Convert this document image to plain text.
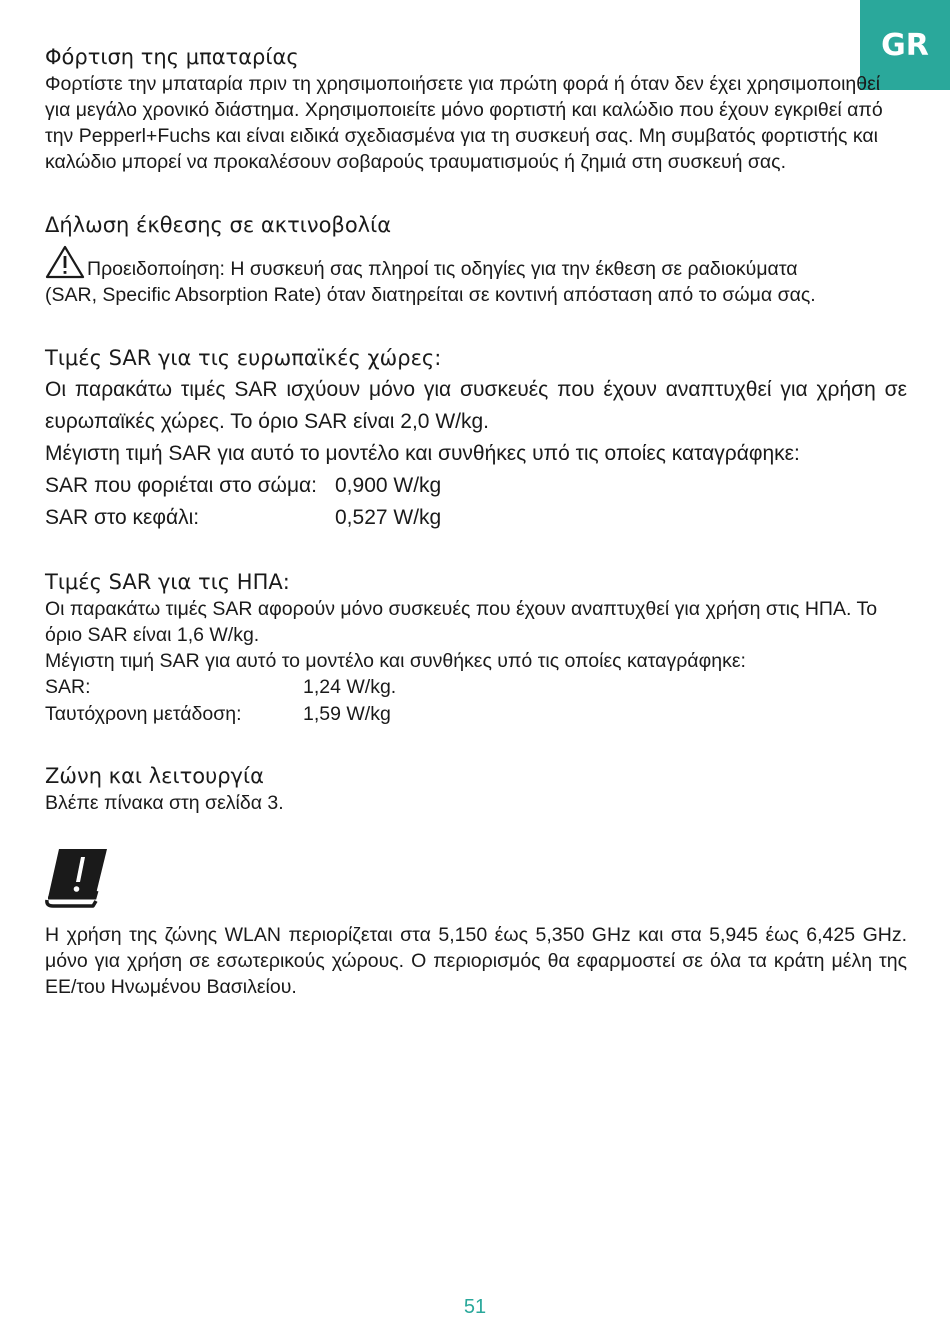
GR
Φόρτιση της μπαταρίας

Φορτίστε την μπαταρία πριν τη χρησιμοποιήσετε για πρώτη φορά ή όταν δεν έχει χρησιμοποιηθεί για μεγάλο χρονικό διάστημα. Χρησιμοποιείτε μόνο φορτιστή και καλώδιο που έχουν εγκριθεί από την Pepperl+Fuchs και είναι ειδικά σχεδιασμένα για τη συσκευή σας. Μη συμβατός φορτιστής και καλώδιο μπορεί να προκαλέσουν σοβαρούς τραυματισμούς ή ζημιά στη συσκευή σας.

Δήλωση έκθεσης σε ακτινοβολία

Προειδοποίηση: Η συσκευή σας πληροί τις οδηγίες για την έκθεση σε ραδιοκύματα (SAR, Specific Absorption Rate) όταν διατηρείται σε κοντινή απόσταση από το σώμα σας.

Τιμές SAR για τις ευρωπαϊκές χώρες:

Οι παρακάτω τιμές SAR ισχύουν μόνο για συσκευές που έχουν αναπτυχθεί για χρήση σε ευρωπαϊκές χώρες. Το όριο SAR είναι 2,0 W/kg.

Μέγιστη τιμή SAR για αυτό το μοντέλο και συνθήκες υπό τις οποίες καταγράφηκε:

SAR που φοριέται στο σώμα: 0,900 W/kg
SAR στο κεφάλι:	0,527 W/kg
Τιμές SAR για τις ΗΠΑ:

Οι παρακάτω τιμές SAR αφορούν μόνο συσκευές που έχουν αναπτυχθεί για χρήση στις ΗΠΑ. Το όριο SAR είναι 1,6 W/kg.

Μέγιστη τιμή SAR για αυτό το μοντέλο και συνθήκες υπό τις οποίες καταγράφηκε:

SAR:	1,24 W/kg.
Ταυτόχρονη μετάδοση:	1,59 W/kg
Ζώνη και λειτουργία

Βλέπε πίνακα στη σελίδα 3.

Η χρήση της ζώνης WLAN περιορίζεται στα 5,150 έως 5,350 GHz και στα 5,945 έως 6,425 GHz. μόνο για χρήση σε εσωτερικούς χώρους. Ο περιορισμός θα εφαρμοστεί σε όλα τα κράτη μέλη της ΕΕ/του Ηνωμένου Βασιλείου.

51
